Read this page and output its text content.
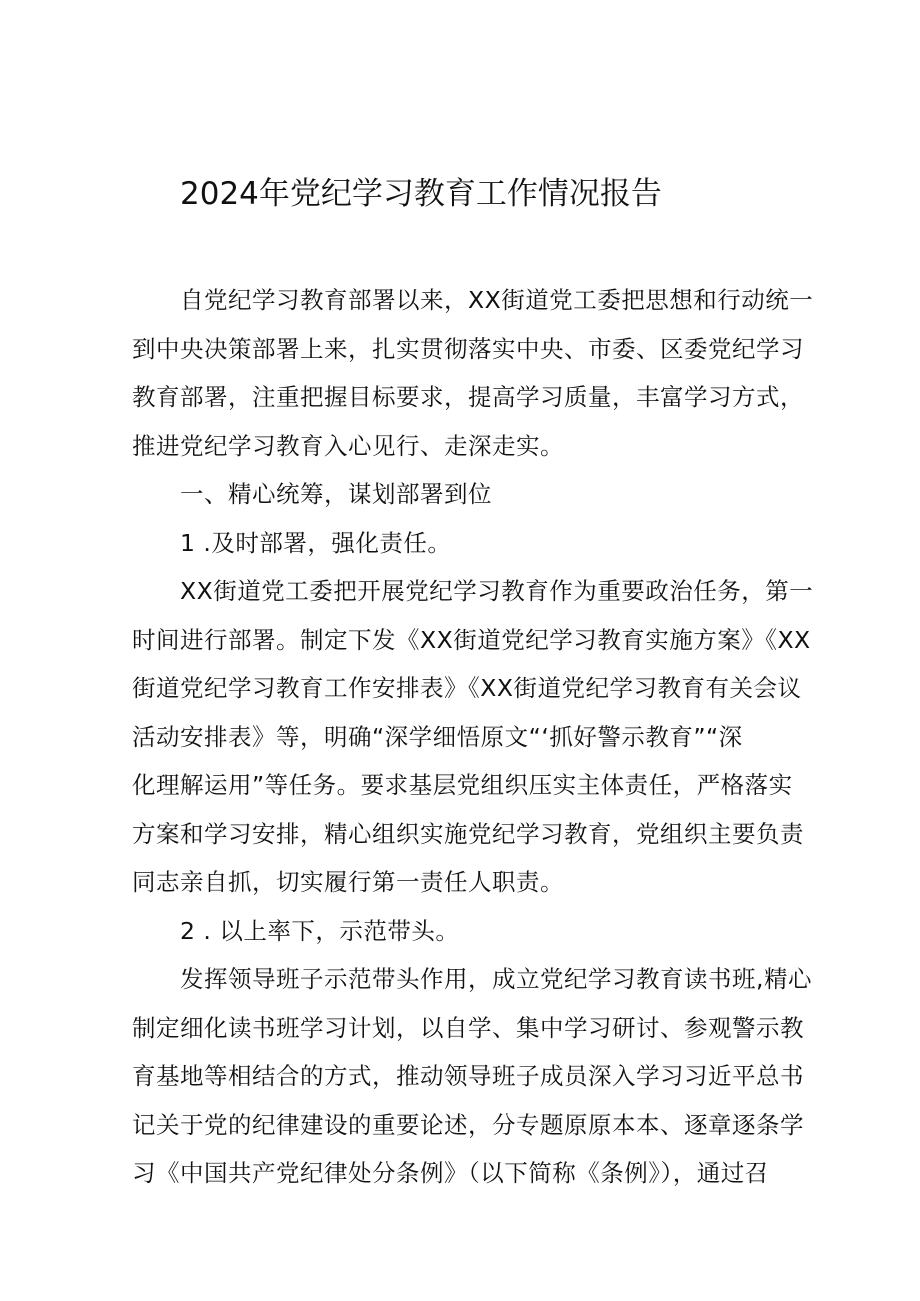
2024年党纪学习教育工作情况报告
自党纪学习教育部署以来，XX街道党工委把思想和行动统一
到中央决策部署上来，扎实贯彻落实中央、市委、区委党纪学习
教育部署，注重把握目标要求，提高学习质量，丰富学习方式，
推进党纪学习教育入心见行、走深走实。
一、精心统筹，谋划部署到位
1 .及时部署，强化责任。
XX街道党工委把开展党纪学习教育作为重要政治任务，第一
时间进行部署。制定下发《XX街道党纪学习教育实施方案》《XX
街道党纪学习教育工作安排表》《XX街道党纪学习教育有关会议
活动安排表》等，明确“深学细悟原文“‘抓好警示教育”“深
化理解运用”等任务。要求基层党组织压实主体责任，严格落实
方案和学习安排，精心组织实施党纪学习教育，党组织主要负责
同志亲自抓，切实履行第一责任人职责。
2 . 以上率下，示范带头。
发挥领导班子示范带头作用，成立党纪学习教育读书班,精心
制定细化读书班学习计划，以自学、集中学习研讨、参观警示教
育基地等相结合的方式，推动领导班子成员深入学习习近平总书
记关于党的纪律建设的重要论述，分专题原原本本、逐章逐条学
习《中国共产党纪律处分条例》（以下简称《条例》），通过召
